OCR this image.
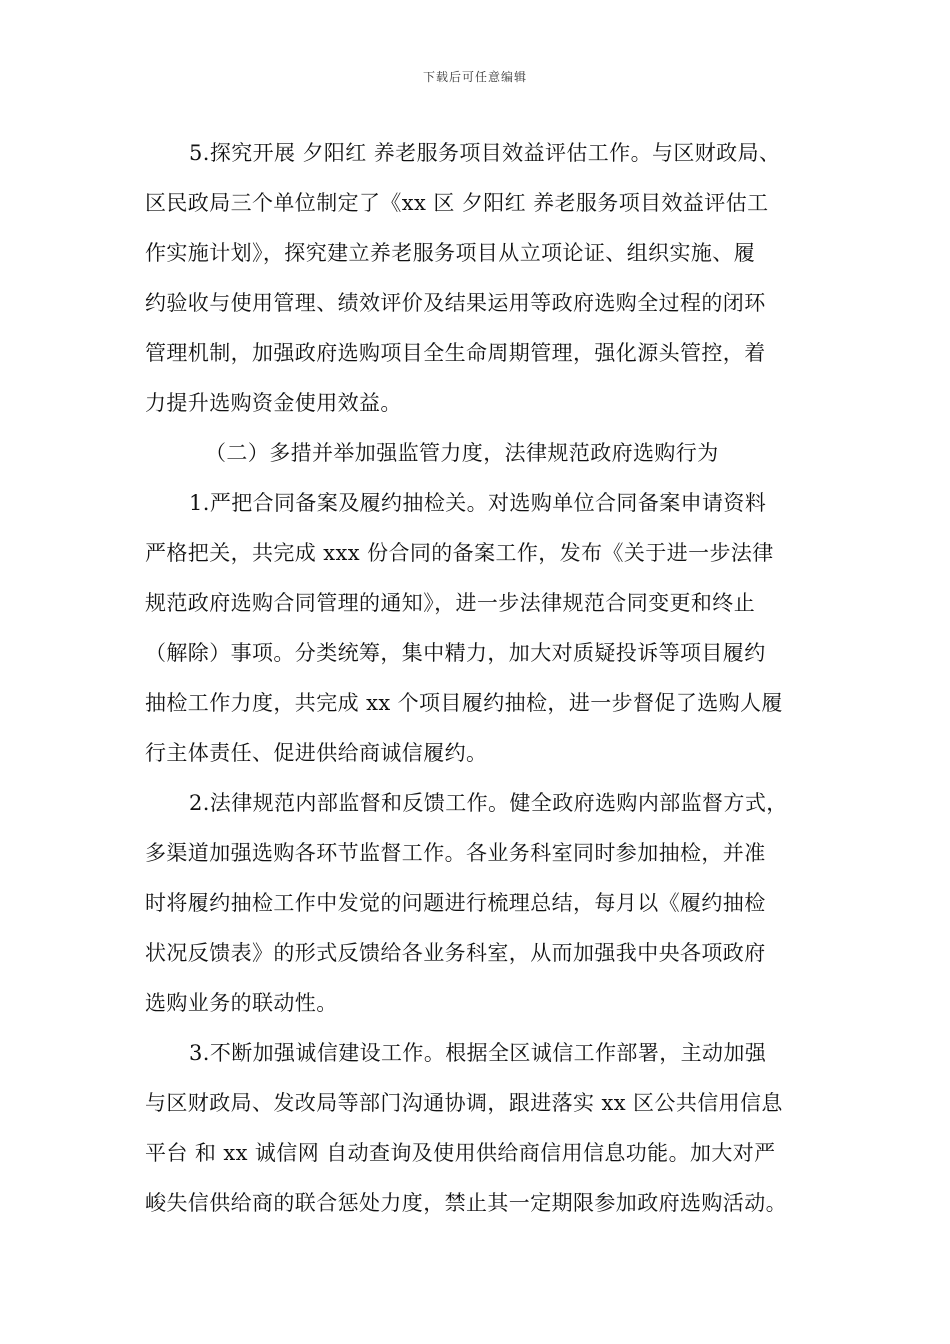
下载后可任意编辑
5.探究开展 夕阳红 养老服务项目效益评估工作。与区财政局、
区民政局三个单位制定了《xx 区 夕阳红 养老服务项目效益评估工
作实施计划》，探究建立养老服务项目从立项论证、组织实施、履
约验收与使用管理、绩效评价及结果运用等政府选购全过程的闭环
管理机制，加强政府选购项目全生命周期管理，强化源头管控，着
力提升选购资金使用效益。
（二）多措并举加强监管力度，法律规范政府选购行为
1.严把合同备案及履约抽检关。对选购单位合同备案申请资料
严格把关，共完成 xxx 份合同的备案工作，发布《关于进一步法律
规范政府选购合同管理的通知》，进一步法律规范合同变更和终止
（解除）事项。分类统筹，集中精力，加大对质疑投诉等项目履约
抽检工作力度，共完成 xx 个项目履约抽检，进一步督促了选购人履
行主体责任、促进供给商诚信履约。
2.法律规范内部监督和反馈工作。健全政府选购内部监督方式，
多渠道加强选购各环节监督工作。各业务科室同时参加抽检，并准
时将履约抽检工作中发觉的问题进行梳理总结，每月以《履约抽检
状况反馈表》的形式反馈给各业务科室，从而加强我中央各项政府
选购业务的联动性。
3.不断加强诚信建设工作。根据全区诚信工作部署，主动加强
与区财政局、发改局等部门沟通协调，跟进落实 xx 区公共信用信息
平台 和 xx 诚信网 自动查询及使用供给商信用信息功能。加大对严
峻失信供给商的联合惩处力度，禁止其一定期限参加政府选购活动。
